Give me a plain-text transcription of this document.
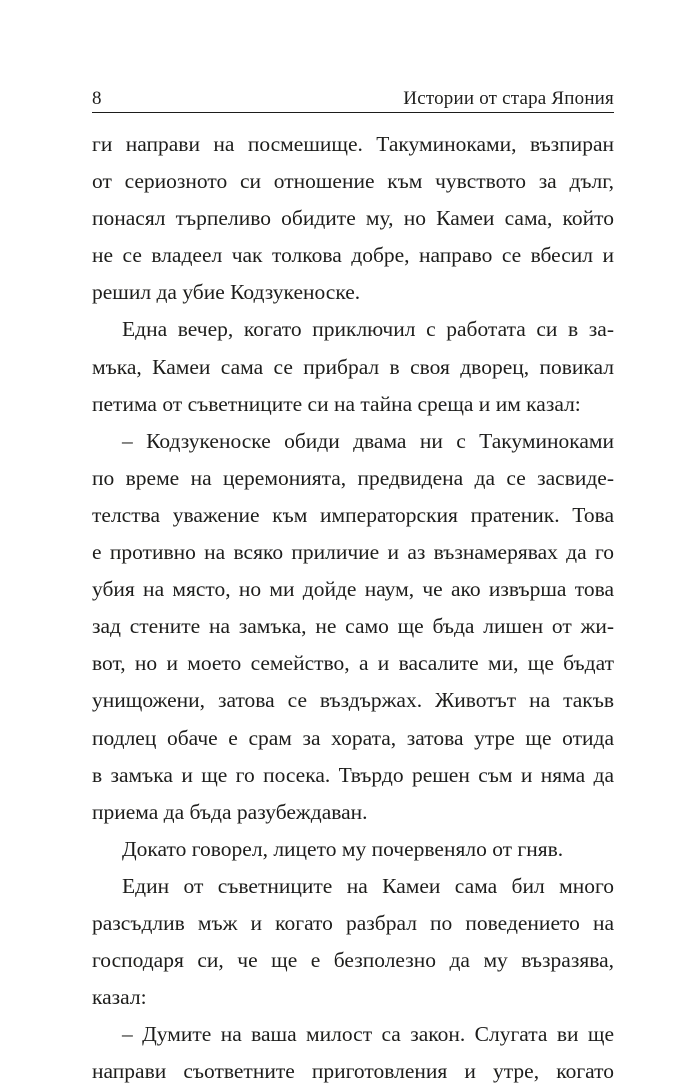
8	Истории от стара Япония
ги направи на посмешище. Такуминоками, възпиран
от сериозното си отношение към чувството за дълг,
понасял търпеливо обидите му, но Камеи сама, който
не се владеел чак толкова добре, направо се вбесил и
решил да убие Кодзукеноске.
Една вечер, когато приключил с работата си в за-
мъка, Камеи сама се прибрал в своя дворец, повикал
петима от съветниците си на тайна среща и им казал:
– Кодзукеноске обиди двама ни с Такуминоками
по време на церемонията, предвидена да се засвиде-
телства уважение към императорския пратеник. Това
е противно на всяко приличие и аз възнамерявах да го
убия на място, но ми дойде наум, че ако извърша това
зад стените на замъка, не само ще бъда лишен от жи-
вот, но и моето семейство, а и васалите ми, ще бъдат
унищожени, затова се въздържах. Животът на такъв
подлец обаче е срам за хората, затова утре ще отида
в замъка и ще го посека. Твърдо решен съм и няма да
приема да бъда разубеждаван.
Докато говорел, лицето му почервеняло от гняв.
Един от съветниците на Камеи сама бил много
разсъдлив мъж и когато разбрал по поведението на
господаря си, че ще е безполезно да му възразява,
казал:
– Думите на ваша милост са закон. Слугата ви ще
направи съответните приготовления и утре, когато
